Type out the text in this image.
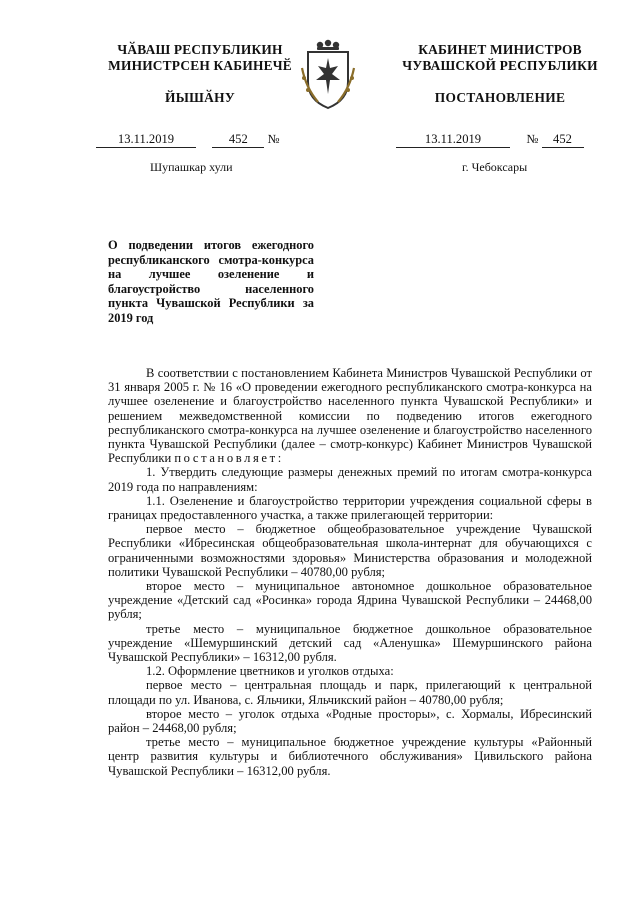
ЧӐВАШ РЕСПУБЛИКИН
МИНИСТРСЕН КАБИНЕЧӖ
ЙЫШӐНУ
КАБИНЕТ МИНИСТРОВ
ЧУВАШСКОЙ РЕСПУБЛИКИ
ПОСТАНОВЛЕНИЕ
13.11.2019	452 №	13.11.2019	№ 452
Шупашкар хули	г. Чебоксары
О подведении итогов ежегодного республиканского смотра-конкурса на лучшее озеленение и благоустройство населенного пункта Чувашской Республики за 2019 год

В соответствии с постановлением Кабинета Министров Чувашской Республики от 31 января 2005 г. № 16 «О проведении ежегодного республиканского смотра-конкурса на лучшее озеленение и благоустройство населенного пункта Чувашской Республики» и решением межведомственной комиссии по подведению итогов ежегодного республиканского смотра-конкурса на лучшее озеленение и благоустройство населенного пункта Чувашской Республики (далее – смотр-конкурс) Кабинет Министров Чувашской Республики постановляет:

1. Утвердить следующие размеры денежных премий по итогам смотра-конкурса 2019 года по направлениям:

1.1. Озеленение и благоустройство территории учреждения социальной сферы в границах предоставленного участка, а также прилегающей территории:

первое место – бюджетное общеобразовательное учреждение Чувашской Республики «Ибресинская общеобразовательная школа-интернат для обучающихся с ограниченными возможностями здоровья» Министерства образования и молодежной политики Чувашской Республики – 40780,00 рубля;

второе место – муниципальное автономное дошкольное образовательное учреждение «Детский сад «Росинка» города Ядрина Чувашской Республики – 24468,00 рубля;

третье место – муниципальное бюджетное дошкольное образовательное учреждение «Шемуршинский детский сад «Аленушка» Шемуршинского района Чувашской Республики» – 16312,00 рубля.

1.2. Оформление цветников и уголков отдыха:

первое место – центральная площадь и парк, прилегающий к центральной площади по ул. Иванова, с. Яльчики, Яльчикский район – 40780,00 рубля;

второе место – уголок отдыха «Родные просторы», с. Хормалы, Ибресинский район – 24468,00 рубля;

третье место – муниципальное бюджетное учреждение культуры «Районный центр развития культуры и библиотечного обслуживания» Цивильского района Чувашской Республики – 16312,00 рубля.
